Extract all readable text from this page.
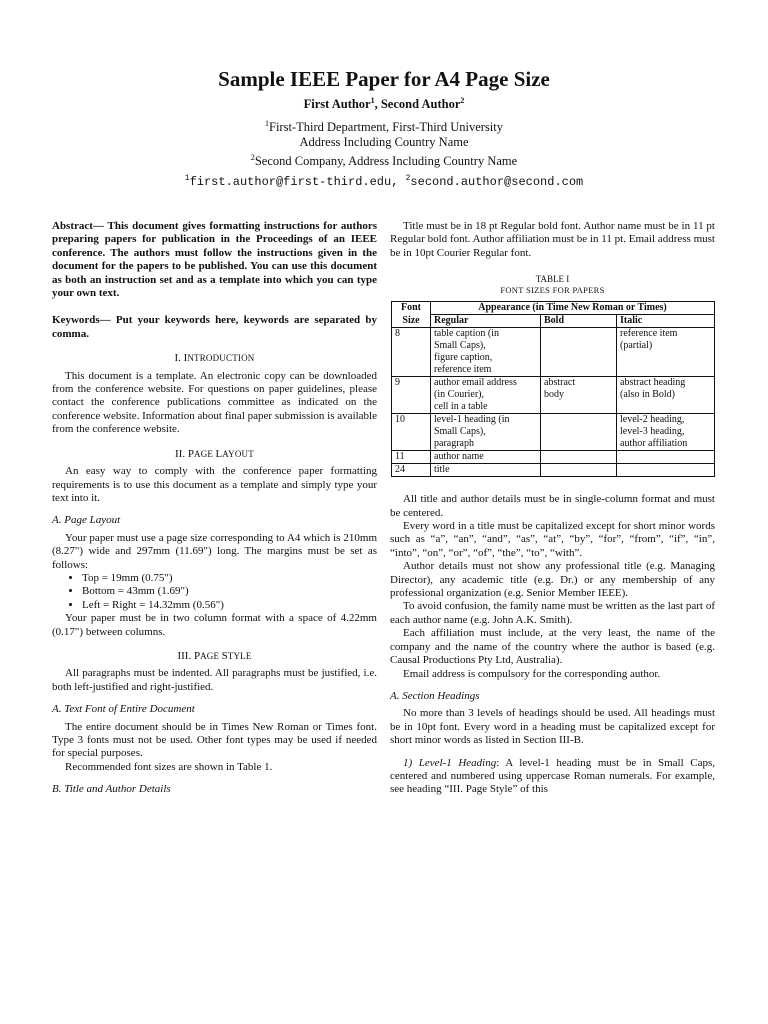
Sample IEEE Paper for A4 Page Size
First Author$^1$, Second Author$^2$
$^1$First-Third Department, First-Third University
Address Including Country Name
$^2$Second Company, Address Including Country Name
$^1$first.author@first-third.edu, $^2$second.author@second.com

Abstract— This document gives formatting instructions for authors preparing papers for publication in the Proceedings of an IEEE conference. The authors must follow the instructions given in the document for the papers to be published. You can use this document as both an instruction set and as a template into which you can type your own text.

Keywords— Put your keywords here, keywords are separated by comma.

I. INTRODUCTION

This document is a template. An electronic copy can be downloaded from the conference website. For questions on paper guidelines, please contact the conference publications committee as indicated on the conference website. Information about final paper submission is available from the conference website.

II. PAGE LAYOUT

An easy way to comply with the conference paper formatting requirements is to use this document as a template and simply type your text into it.

A. Page Layout

Your paper must use a page size corresponding to A4 which is 210mm (8.27") wide and 297mm (11.69") long. The margins must be set as follows:

• Top = 19mm (0.75")
• Bottom = 43mm (1.69")
• Left = Right = 14.32mm (0.56")

Your paper must be in two column format with a space of 4.22mm (0.17") between columns.

III. PAGE STYLE

All paragraphs must be indented. All paragraphs must be justified, i.e. both left-justified and right-justified.

A. Text Font of Entire Document

The entire document should be in Times New Roman or Times font. Type 3 fonts must not be used. Other font types may be used if needed for special purposes.

Recommended font sizes are shown in Table 1.

B. Title and Author Details

Title must be in 18 pt Regular bold font. Author name must be in 11 pt Regular bold font. Author affiliation must be in 11 pt. Email address must be in 10pt Courier Regular font.

TABLE I
FONT SIZES FOR PAPERS
Font	Appearance (in Time New Roman or Times)		
Size	Regular	Bold	Italic
8	table caption (in
Small Caps),
figure caption,
reference item		reference item
(partial)
9	author email address
(in Courier),
cell in a table	abstract
body	abstract heading
(also in Bold)
10	level-1 heading (in
Small Caps),
paragraph		level-2 heading,
level-3 heading,
author affiliation
11	author name		
24	title		

All title and author details must be in single-column format and must be centered.

Every word in a title must be capitalized except for short minor words such as “a”, “an”, “and”, “as”, “at”, “by”, “for”, “from”, “if”, “in”, “into”, “on”, “or”, “of”, “the”, “to”, “with”.

Author details must not show any professional title (e.g. Managing Director), any academic title (e.g. Dr.) or any membership of any professional organization (e.g. Senior Member IEEE).

To avoid confusion, the family name must be written as the last part of each author name (e.g. John A.K. Smith).

Each affiliation must include, at the very least, the name of the company and the name of the country where the author is based (e.g. Causal Productions Pty Ltd, Australia).

Email address is compulsory for the corresponding author.

A. Section Headings

No more than 3 levels of headings should be used. All headings must be in 10pt font. Every word in a heading must be capitalized except for short minor words as listed in Section III-B.

1) Level-1 Heading: A level-1 heading must be in Small Caps, centered and numbered using uppercase Roman numerals. For example, see heading “III. Page Style” of this
